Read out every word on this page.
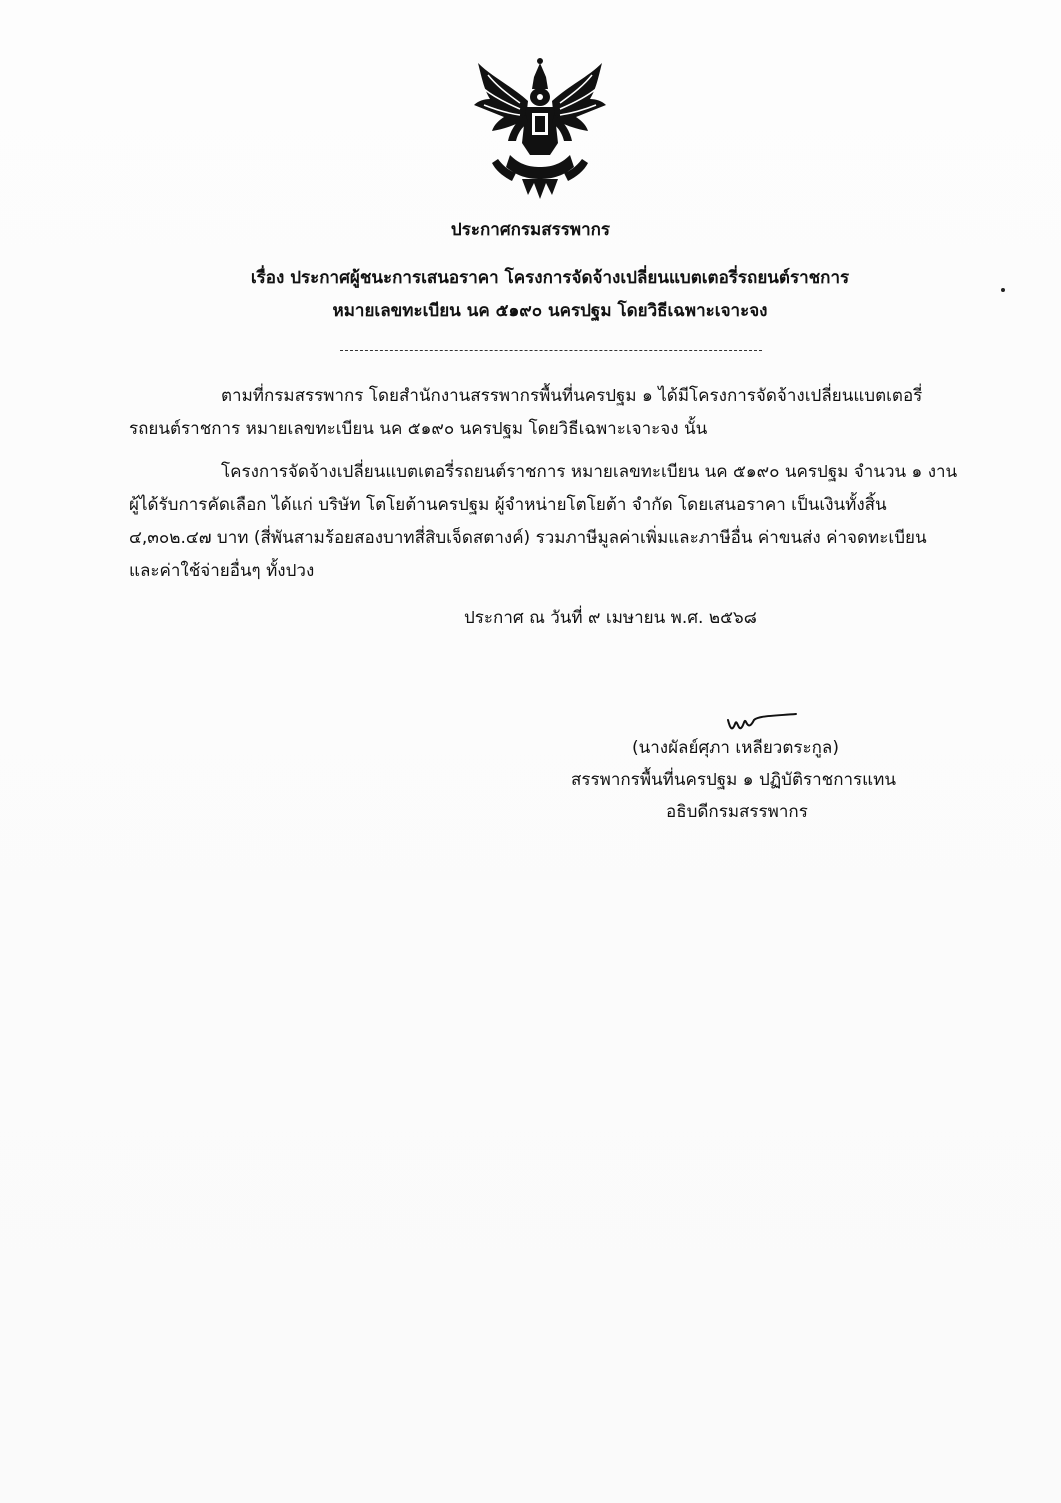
ประกาศกรมสรรพากร
เรื่อง ประกาศผู้ชนะการเสนอราคา โครงการจัดจ้างเปลี่ยนแบตเตอรี่รถยนต์ราชการ
หมายเลขทะเบียน นค ๕๑๙๐ นครปฐม โดยวิธีเฉพาะเจาะจง
ตามที่กรมสรรพากร โดยสำนักงานสรรพากรพื้นที่นครปฐม ๑ ได้มีโครงการจัดจ้างเปลี่ยนแบตเตอรี่
รถยนต์ราชการ หมายเลขทะเบียน นค ๕๑๙๐ นครปฐม โดยวิธีเฉพาะเจาะจง นั้น
โครงการจัดจ้างเปลี่ยนแบตเตอรี่รถยนต์ราชการ หมายเลขทะเบียน นค ๕๑๙๐ นครปฐม จำนวน ๑ งาน
ผู้ได้รับการคัดเลือก ได้แก่ บริษัท โตโยต้านครปฐม ผู้จำหน่ายโตโยต้า จำกัด โดยเสนอราคา เป็นเงินทั้งสิ้น
๔,๓๐๒.๔๗ บาท (สี่พันสามร้อยสองบาทสี่สิบเจ็ดสตางค์) รวมภาษีมูลค่าเพิ่มและภาษีอื่น ค่าขนส่ง ค่าจดทะเบียน
และค่าใช้จ่ายอื่นๆ ทั้งปวง
ประกาศ ณ วันที่ ๙ เมษายน พ.ศ. ๒๕๖๘
(นางผัลย์ศุภา เหลียวตระกูล)
สรรพากรพื้นที่นครปฐม ๑ ปฏิบัติราชการแทน
อธิบดีกรมสรรพากร
